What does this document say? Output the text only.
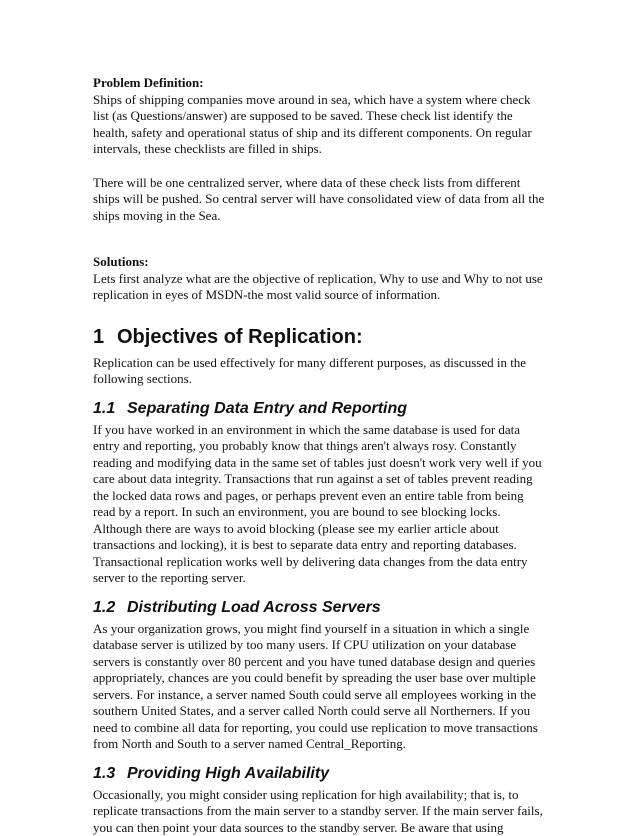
Problem Definition:

Ships of shipping companies move around in sea, which have a system where check list (as Questions/answer) are supposed to be saved. These check list identify the health, safety and operational status of ship and its different components. On regular intervals, these checklists are filled in ships.

There will be one centralized server, where data of these check lists from different ships will be pushed. So central server will have consolidated view of data from all the ships moving in the Sea.

Solutions:

Lets first analyze what are the objective of replication, Why to use and Why to not use replication in eyes of MSDN-the most valid source of information.

1 Objectives of Replication:

Replication can be used effectively for many different purposes, as discussed in the following sections.

1.1 Separating Data Entry and Reporting

If you have worked in an environment in which the same database is used for data entry and reporting, you probably know that things aren't always rosy. Constantly reading and modifying data in the same set of tables just doesn't work very well if you care about data integrity. Transactions that run against a set of tables prevent reading the locked data rows and pages, or perhaps prevent even an entire table from being read by a report. In such an environment, you are bound to see blocking locks. Although there are ways to avoid blocking (please see my earlier article about transactions and locking), it is best to separate data entry and reporting databases. Transactional replication works well by delivering data changes from the data entry server to the reporting server.

1.2 Distributing Load Across Servers

As your organization grows, you might find yourself in a situation in which a single database server is utilized by too many users. If CPU utilization on your database servers is constantly over 80 percent and you have tuned database design and queries appropriately, chances are you could benefit by spreading the user base over multiple servers. For instance, a server named South could serve all employees working in the southern United States, and a server called North could serve all Northerners. If you need to combine all data for reporting, you could use replication to move transactions from North and South to a server named Central_Reporting.

1.3 Providing High Availability

Occasionally, you might consider using replication for high availability; that is, to replicate transactions from the main server to a standby server. If the main server fails, you can then point your data sources to the standby server. Be aware that using
